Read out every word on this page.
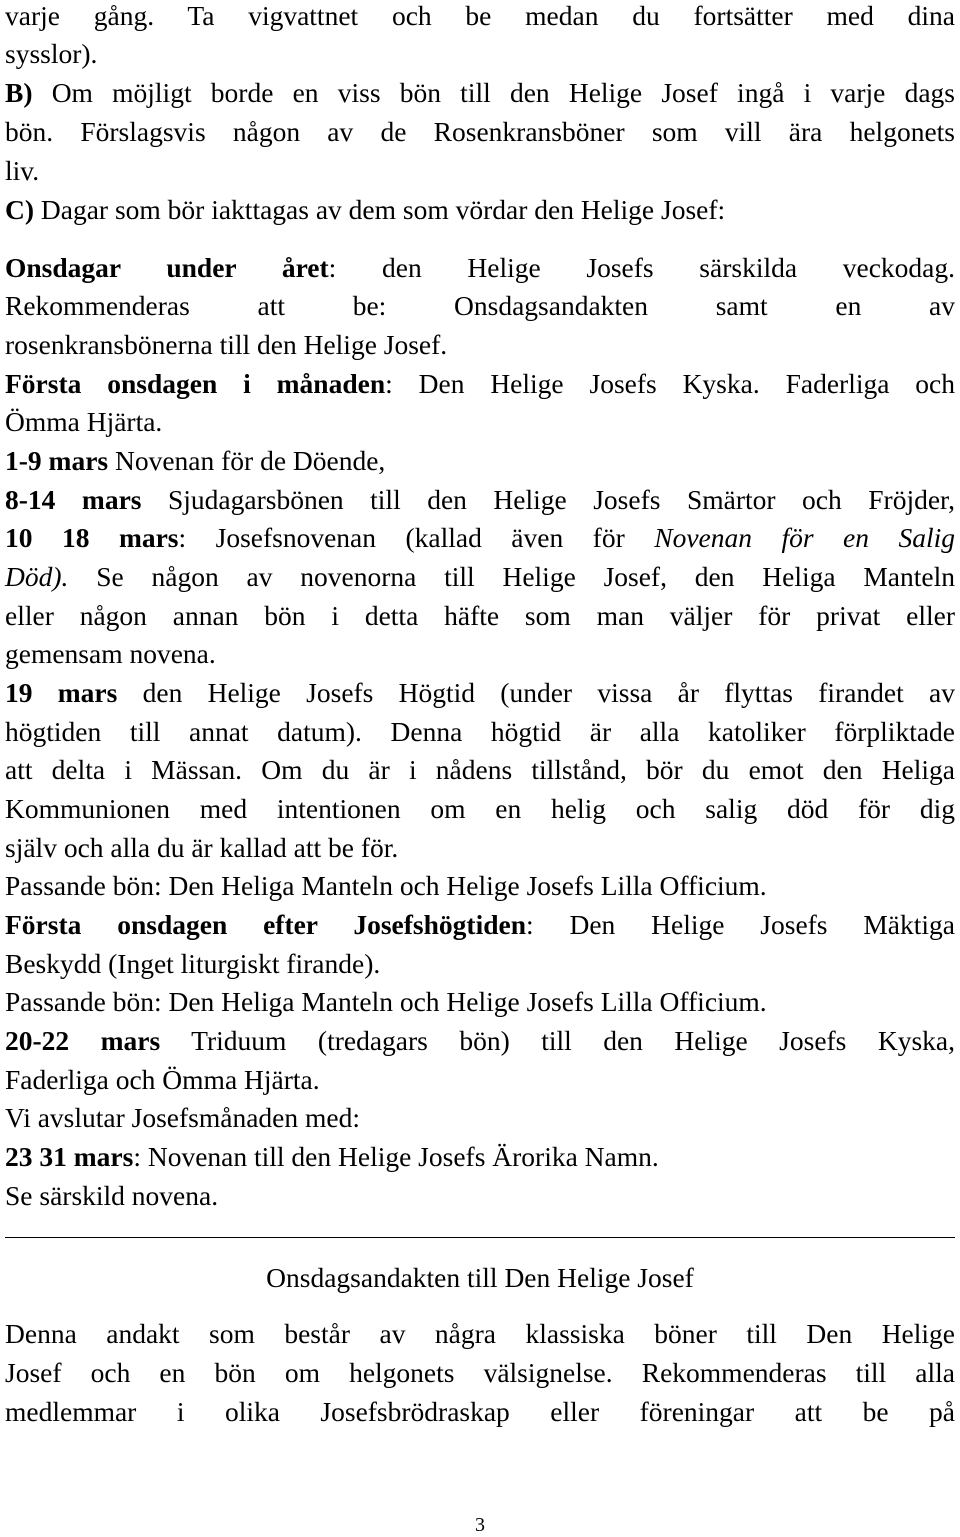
varje gång. Ta vigvattnet och be medan du fortsätter med dina

sysslor).

B) Om möjligt borde en viss bön till den Helige Josef ingå i varje dags

bön. Förslagsvis någon av de Rosenkransböner som vill ära helgonets

liv.

C) Dagar som bör iakttagas av dem som vördar den Helige Josef:

Onsdagar under året: den Helige Josefs särskilda veckodag.

Rekommenderas att be: Onsdagsandakten samt en av

rosenkransbönerna till den Helige Josef.

Första onsdagen i månaden: Den Helige Josefs Kyska. Faderliga och

Ömma Hjärta.

1-9 mars Novenan för de Döende,

8-14 mars Sjudagarsbönen till den Helige Josefs Smärtor och Fröjder,

10 18 mars: Josefsnovenan (kallad även för Novenan för en Salig

Död). Se någon av novenorna till Helige Josef, den Heliga Manteln

eller någon annan bön i detta häfte som man väljer för privat eller

gemensam novena.

19 mars den Helige Josefs Högtid (under vissa år flyttas firandet av

högtiden till annat datum). Denna högtid är alla katoliker förpliktade

att delta i Mässan. Om du är i nådens tillstånd, bör du emot den Heliga

Kommunionen med intentionen om en helig och salig död för dig

själv och alla du är kallad att be för.

Passande bön: Den Heliga Manteln och Helige Josefs Lilla Officium.

Första onsdagen efter Josefshögtiden: Den Helige Josefs Mäktiga

Beskydd (Inget liturgiskt firande).

Passande bön: Den Heliga Manteln och Helige Josefs Lilla Officium.

20-22 mars Triduum (tredagars bön) till den Helige Josefs Kyska,

Faderliga och Ömma Hjärta.

Vi avslutar Josefsmånaden med:

23 31 mars: Novenan till den Helige Josefs Ärorika Namn.

Se särskild novena.

Onsdagsandakten till Den Helige Josef

Denna andakt som består av några klassiska böner till Den Helige

Josef och en bön om helgonets välsignelse. Rekommenderas till alla

medlemmar i olika Josefsbrödraskap eller föreningar att be på

3
